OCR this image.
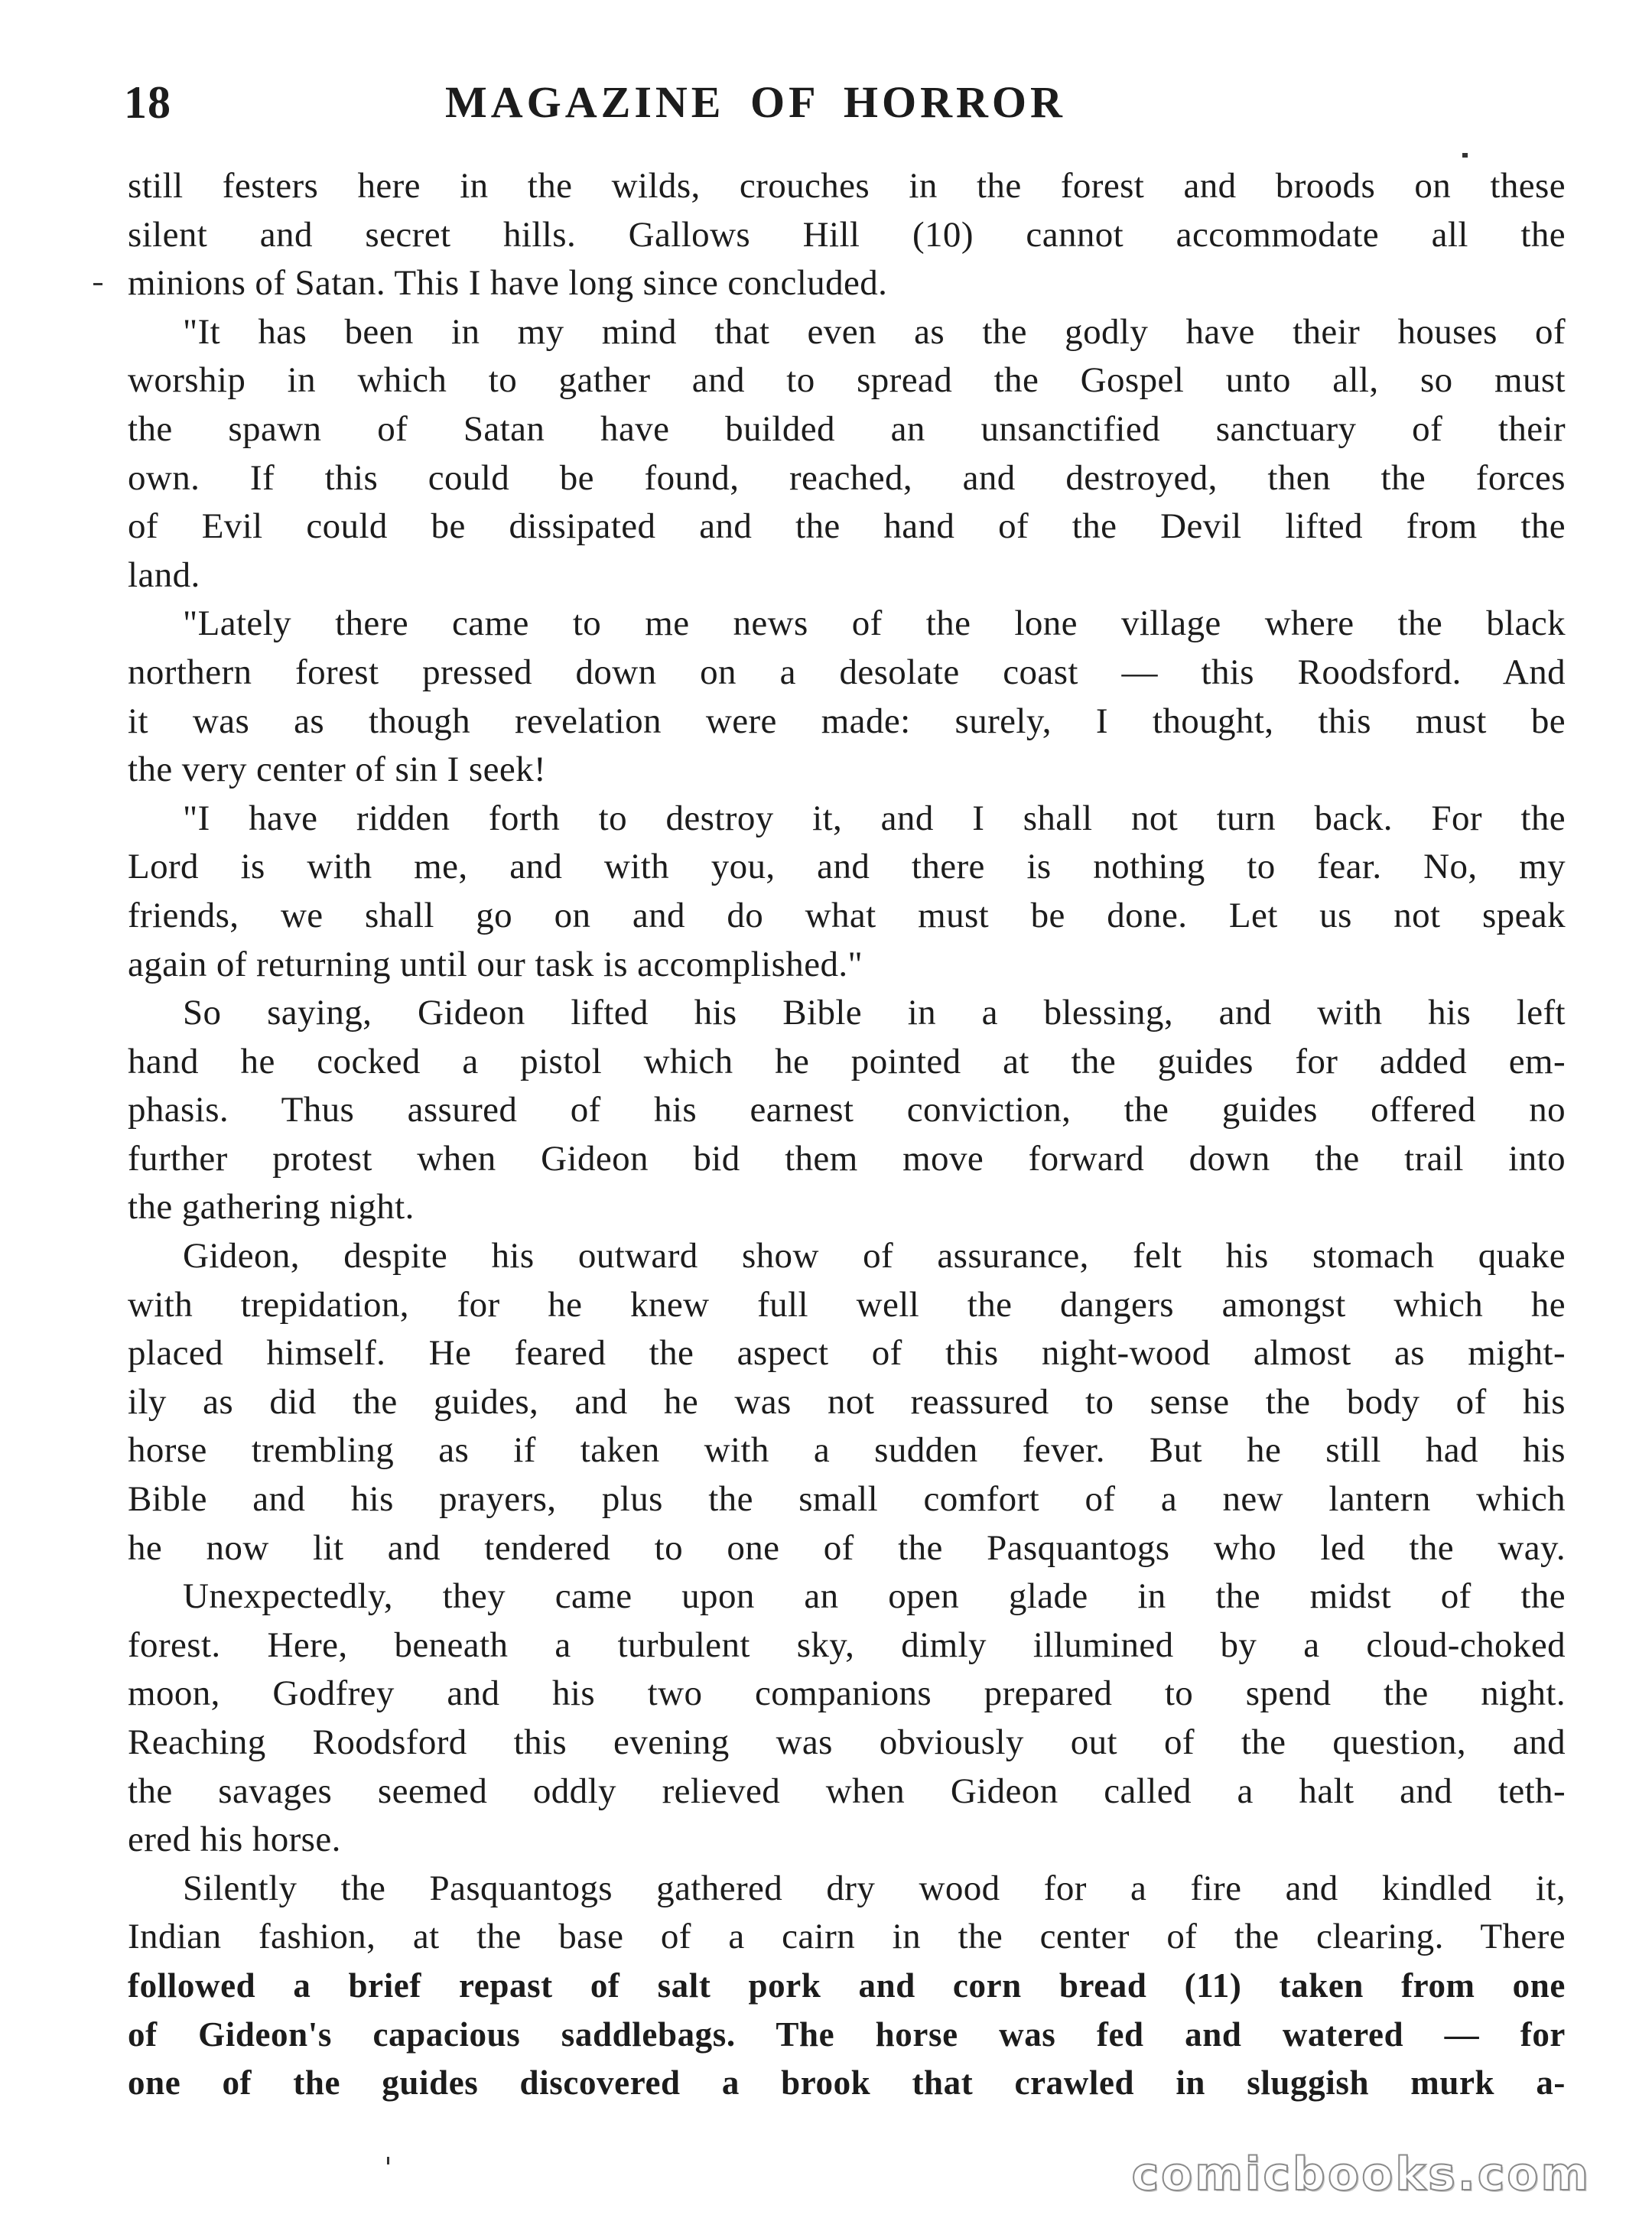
18	MAGAZINE OF HORROR
still festers here in the wilds, crouches in the forest and broods on these
silent and secret hills. Gallows Hill (10) cannot accommodate all the
minions of Satan. This I have long since concluded.
"It has been in my mind that even as the godly have their houses of
worship in which to gather and to spread the Gospel unto all, so must
the spawn of Satan have builded an unsanctified sanctuary of their
own. If this could be found, reached, and destroyed, then the forces
of Evil could be dissipated and the hand of the Devil lifted from the
land.
"Lately there came to me news of the lone village where the black
northern forest pressed down on a desolate coast — this Roodsford. And
it was as though revelation were made: surely, I thought, this must be
the very center of sin I seek!
"I have ridden forth to destroy it, and I shall not turn back. For the
Lord is with me, and with you, and there is nothing to fear. No, my
friends, we shall go on and do what must be done. Let us not speak
again of returning until our task is accomplished."
So saying, Gideon lifted his Bible in a blessing, and with his left
hand he cocked a pistol which he pointed at the guides for added em-
phasis. Thus assured of his earnest conviction, the guides offered no
further protest when Gideon bid them move forward down the trail into
the gathering night.
Gideon, despite his outward show of assurance, felt his stomach quake
with trepidation, for he knew full well the dangers amongst which he
placed himself. He feared the aspect of this night-wood almost as might-
ily as did the guides, and he was not reassured to sense the body of his
horse trembling as if taken with a sudden fever. But he still had his
Bible and his prayers, plus the small comfort of a new lantern which
he now lit and tendered to one of the Pasquantogs who led the way.
Unexpectedly, they came upon an open glade in the midst of the
forest. Here, beneath a turbulent sky, dimly illumined by a cloud-choked
moon, Godfrey and his two companions prepared to spend the night.
Reaching Roodsford this evening was obviously out of the question, and
the savages seemed oddly relieved when Gideon called a halt and teth-
ered his horse.
Silently the Pasquantogs gathered dry wood for a fire and kindled it,
Indian fashion, at the base of a cairn in the center of the clearing. There
followed a brief repast of salt pork and corn bread (11) taken from one
of Gideon's capacious saddlebags. The horse was fed and watered — for
one of the guides discovered a brook that crawled in sluggish murk a-
comicbooks.com
